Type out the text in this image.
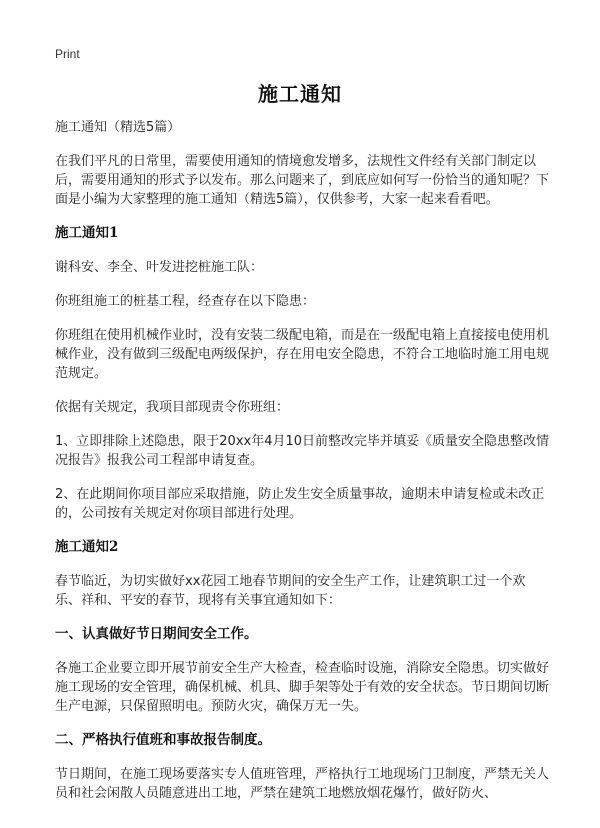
Print
施工通知

施工通知（精选5篇）

在我们平凡的日常里，需要使用通知的情境愈发增多，法规性文件经有关部门制定以后，需要用通知的形式予以发布。那么问题来了，到底应如何写一份恰当的通知呢？下面是小编为大家整理的施工通知（精选5篇），仅供参考，大家一起来看看吧。

施工通知1

谢科安、李全、叶发进挖桩施工队：

你班组施工的桩基工程，经查存在以下隐患：

你班组在使用机械作业时，没有安装二级配电箱，而是在一级配电箱上直接接电使用机械作业，没有做到三级配电两级保护，存在用电安全隐患，不符合工地临时施工用电规范规定。

依据有关规定，我项目部现责令你班组：

1、立即排除上述隐患，限于20xx年4月10日前整改完毕并填妥《质量安全隐患整改情况报告》报我公司工程部申请复查。

2、在此期间你项目部应采取措施，防止发生安全质量事故，逾期未申请复检或未改正的，公司按有关规定对你项目部进行处理。

施工通知2

春节临近，为切实做好xx花园工地春节期间的安全生产工作，让建筑职工过一个欢乐、祥和、平安的春节，现将有关事宜通知如下：

一、认真做好节日期间安全工作。

各施工企业要立即开展节前安全生产大检查，检查临时设施，消除安全隐患。切实做好施工现场的安全管理，确保机械、机具、脚手架等处于有效的安全状态。节日期间切断生产电源，只保留照明电。预防火灾，确保万无一失。

二、严格执行值班和事故报告制度。

节日期间，在施工现场要落实专人值班管理，严格执行工地现场门卫制度，严禁无关人员和社会闲散人员随意进出工地，严禁在建筑工地燃放烟花爆竹，做好防火、
